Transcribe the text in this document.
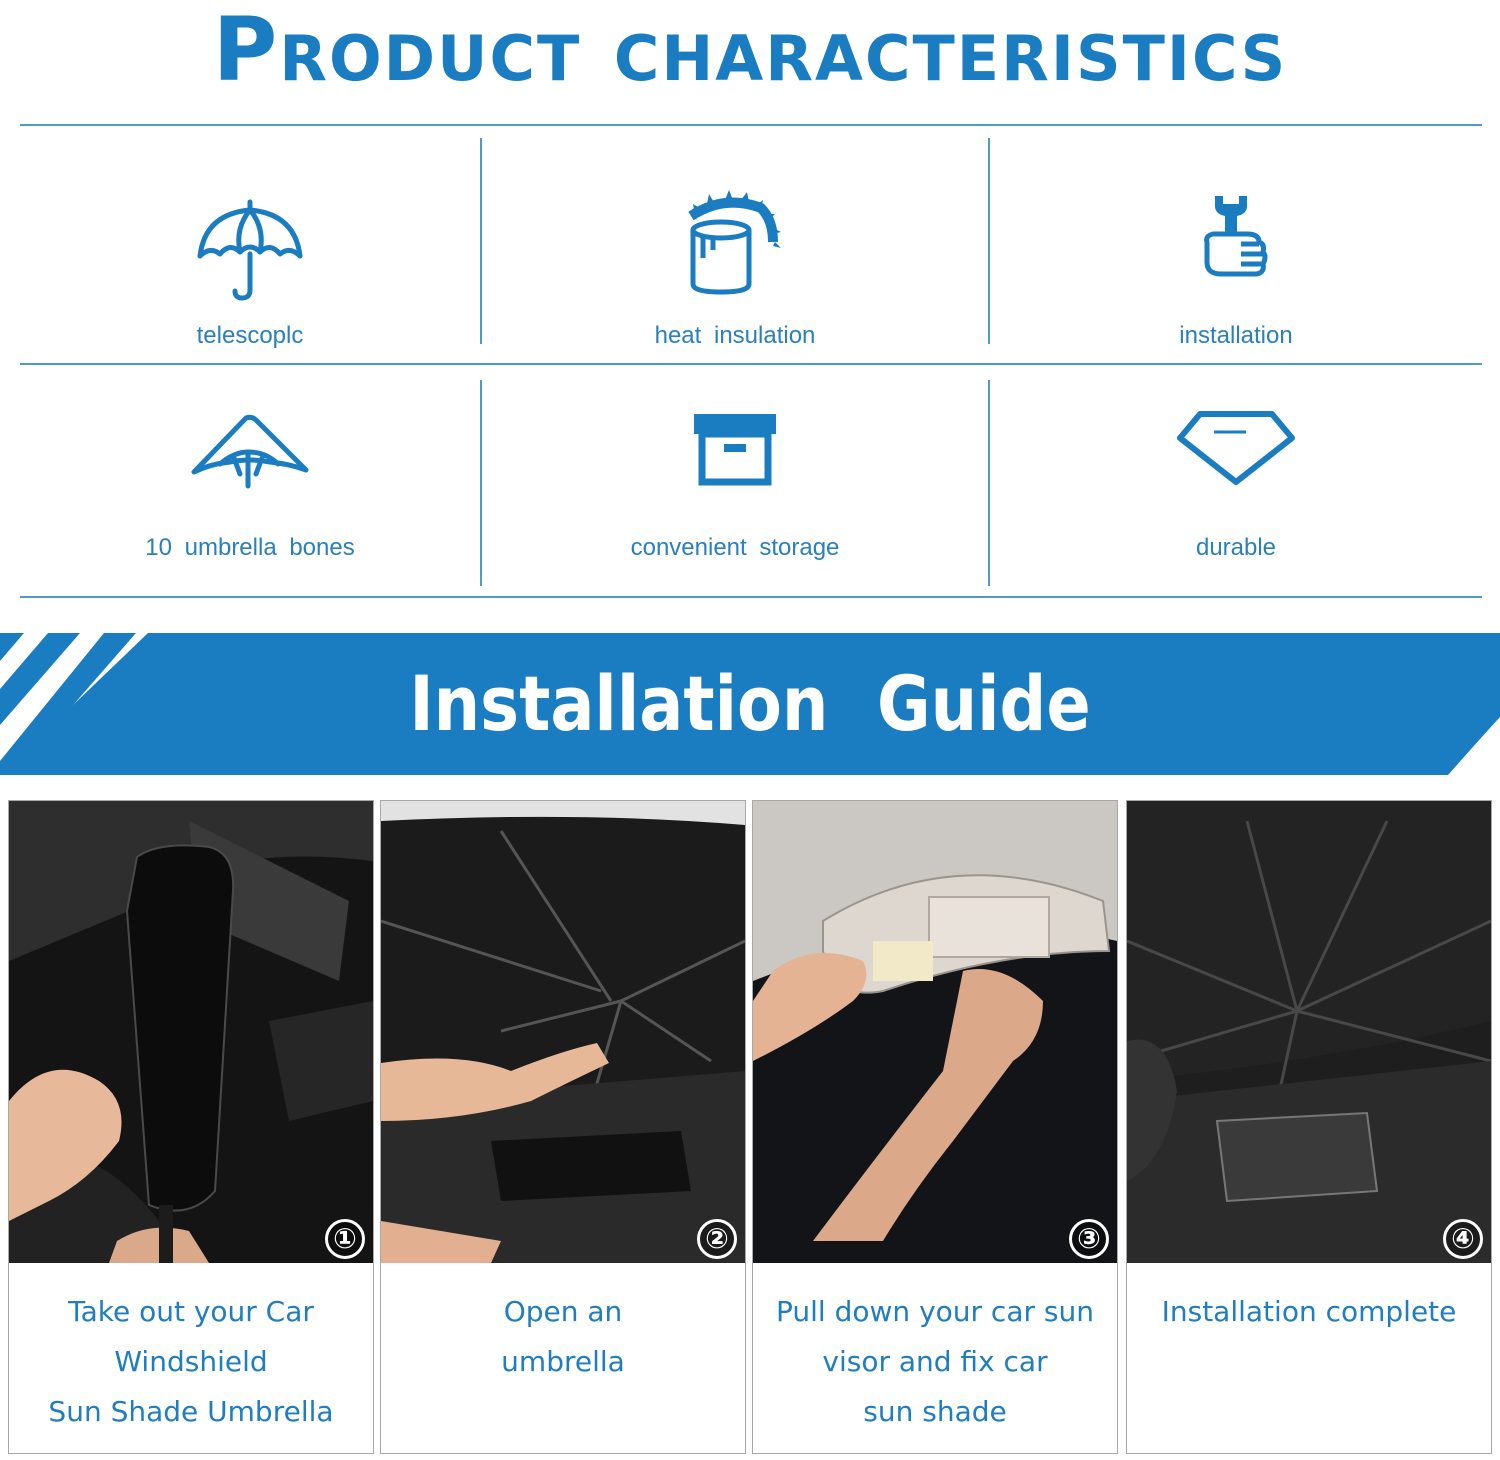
Product characteristics
telescoplc	heat insulation	installation
10 umbrella bones	convenient storage	durable
Installation Guide
①
Take out your Car
Windshield
Sun Shade Umbrella
②
Open an
umbrella
③
Pull down your car sun
visor and fix car
sun shade
④
Installation complete
